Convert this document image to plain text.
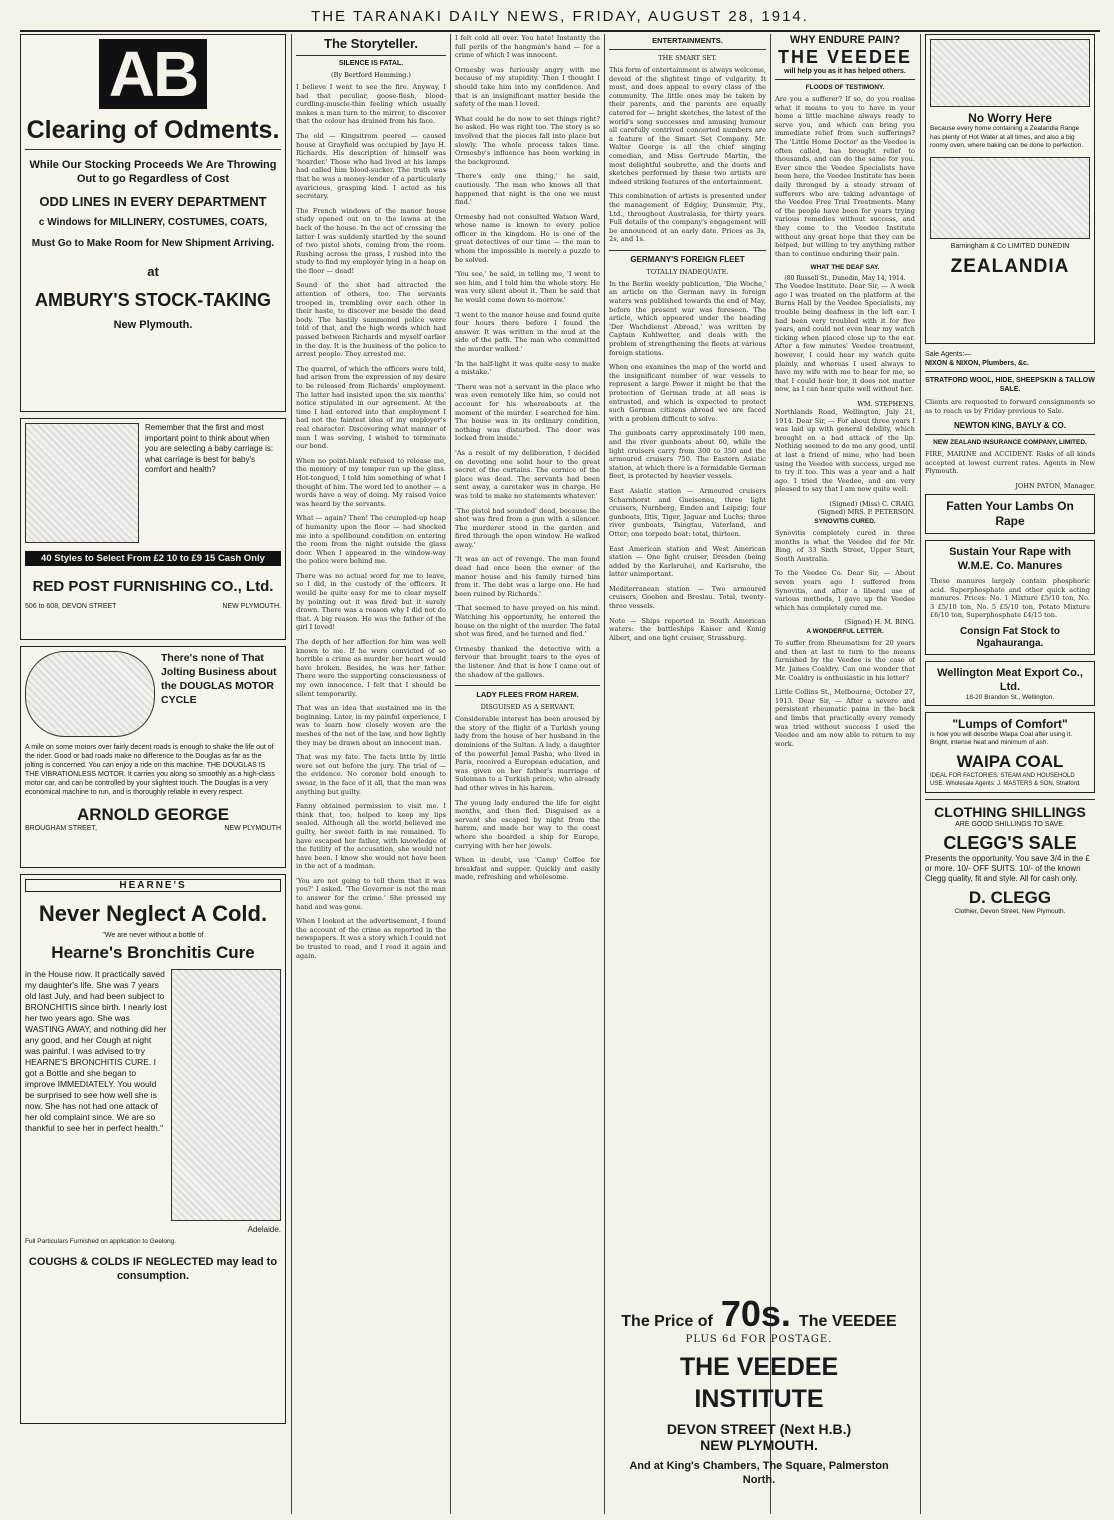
THE TARANAKI DAILY NEWS, FRIDAY, AUGUST 28, 1914.
AB
Clearing of Odments.
While Our Stocking Proceeds We Are Throwing Out to go Regardless of Cost
ODD LINES IN EVERY DEPARTMENT
c Windows for MILLINERY, COSTUMES, COATS,
Must Go to Make Room for New Shipment Arriving.
at
AMBURY'S STOCK-TAKING
New Plymouth.
Remember that the first and most important point to think about when you are selecting a baby carriage is: what carriage is best for baby's comfort and health?
40 Styles to Select From £2 10 to £9 15 Cash Only
RED POST FURNISHING CO., Ltd.
506 to 608, DEVON STREET	NEW PLYMOUTH.
There's none of That Jolting Business about the DOUGLAS MOTOR CYCLE
A mile on some motors over fairly decent roads is enough to shake the life out of the rider. Good or bad roads make no difference to the Douglas as far as the jolting is concerned. You can enjoy a ride on this machine. THE DOUGLAS IS THE VIBRATIONLESS MOTOR. It carries you along so smoothly as a high-class motor car, and can be controlled by your slightest touch. The Douglas is a very economical machine to run, and is thoroughly reliable in every respect.
ARNOLD GEORGE
BROUGHAM STREET,	NEW PLYMOUTH
HEARNE'S
Never Neglect A Cold.
"We are never without a bottle of
Hearne's Bronchitis Cure
in the House now. It practically saved my daughter's life. She was 7 years old last July, and had been subject to BRONCHITIS since birth. I nearly lost her two years ago. She was WASTING AWAY, and nothing did her any good, and her Cough at night was painful. I was advised to try HEARNE'S BRONCHITIS CURE. I got a Bottle and she began to improve IMMEDIATELY. You would be surprised to see how well she is now. She has not had one attack of her old complaint since. We are so thankful to see her in perfect health."
Adelaide.
Full Particulars Furnished on application to Geelong.
COUGHS & COLDS IF NEGLECTED may lead to consumption.
The Storyteller.
SILENCE IS FATAL.
(By Bertford Hemming.)

I believe I went to see the fire. Anyway, I had that peculiar, goose-flesh, blood-curdling-muscle-thin feeling which usually makes a man turn to the mirror, to discover that the colour has drained from his face.

The old — Kingsitrom peered — caused house at Grayfield was occupied by Jaye H. Richards. His description of himself was 'hoarder.' Those who had lived at his lamps had called him blood-sucker. The truth was that he was a money-lender of a particularly avaricious, grasping kind. I acted as his secretary.

The French windows of the manor house study opened out on to the lawns at the back of the house. In the act of crossing the latter I was suddenly startled by the sound of two pistol shots, coming from the room. Rushing across the grass, I rushed into the study to find my employer lying in a heap on the floor — dead!

Sound of the shot had attracted the attention of others, too. The servants trooped in, trembling over each other in their haste, to discover me beside the dead body. The hastily summoned police were told of that, and the high words which had passed between Richards and myself earlier in the day. It is the business of the police to arrest people. They arrested me.

The quarrel, of which the officers were told, had arisen from the expression of my desire to be released from Richards' employment. The latter had insisted upon the six months' notice stipulated in our agreement. At the time I had entered into that employment I had not the faintest idea of my employer's real character. Discovering what manner of man I was serving, I wished to terminate our bond.

When no point-blank refused to release me, the memory of my temper ran up the glass. Hot-tongued, I told him something of what I thought of him. The word led to another — a words have a way of doing. My raised voice was heard by the servants.

What — again? Then! The crumpled-up heap of humanity upon the floor — had shocked me into a spellbound condition on entering the room from the night outside the glass door. When I appeared in the window-way the police were behind me.

There was no actual word for me to leave, so I did, in the custody of the officers. It would be quite easy for me to clear myself by pointing out it was fired but it surely drawn. There was a reason why I did not do that. A big reason. He was the father of the girl I loved!

The depth of her affection for him was well known to me. If he were convicted of so horrible a crime as murder her heart would have broken. Besides, he was her father. There were the supporting consciousness of my own innocence. I felt that I should be silent temporarily.

That was an idea that sustained me in the beginning. Later, in my painful experience, I was to learn how closely woven are the meshes of the net of the law, and how lightly they may be drawn about an innocent man.

That was my fate. The facts little by little were set out before the jury. The trial of — the evidence. No coroner bold enough to swear, in the face of it all, that the man was anything but guilty.

Fanny obtained permission to visit me. I think that, too, helped to keep my lips sealed. Although all the world believed me guilty, her sweet faith in me remained. To have escaped her father, with knowledge of the futility of the accusation, she would not have been. I know she would not have been in the act of a madman.

'You are not going to tell them that it was you?' I asked. 'The Governor is not the man to answer for the crime.' She pressed my hand and was gone.

When I looked at the advertisement, I found the account of the crime as reported in the newspapers. It was a story which I could not be trusted to read, and I read it again and again.

I felt cold all over. You hate! Instantly the full perils of the hangman's hand — for a crime of which I was innocent.

Ormesby was furiously angry with me because of my stupidity. Then I thought I should take him into my confidence. And that is an insignificant matter beside the safety of the man I loved.

What could he do now to set things right? he asked. He was right too. The story is so involved that the pieces fall into place but slowly. The whole process takes time. Ormesby's influence has been working in the background.

'There's only one thing,' he said, cautiously. 'The man who knows all that happened that night is the one we must find.'

Ormesby had not consulted Watson Ward, whose name is known to every police officer in the kingdom. He is one of the great detectives of our time — the man to whom the impossible is merely a puzzle to be solved.

'You see,' he said, in telling me, 'I went to see him, and I told him the whole story. He was very silent about it. Then he said that he would come down to-morrow.'

'I went to the manor house and found quite four hours there before I found the answer. It was written in the mud at the side of the path. The man who committed the murder walked.'

'In the half-light it was quite easy to make a mistake.'

'There was not a servant in the place who was even remotely like him, so could not account for his whereabouts at the moment of the murder. I searched for him. The house was in its ordinary condition, nothing was disturbed. The door was locked from inside.'

'As a result of my deliberation, I decided on devoting one solid hour to the great secret of the curtains. The cornice of the place was dead. The servants had been sent away, a caretaker was in charge. He was told to make no statements whatever.'

'The pistol had sounded' dead, because the shot was fired from a gun with a silencer. The murderer stood in the garden and fired through the open window. He walked away.'

'It was an act of revenge. The man found dead had once been the owner of the manor house and his family turned him from it. The debt was a large one. He had been ruined by Richards.'

'That seemed to have preyed on his mind. Watching his opportunity, he entered the house on the night of the murder. The fatal shot was fired, and he turned and fled.'

Ormesby thanked the detective with a fervour that brought tears to the eyes of the listener. And that is how I came out of the shadow of the gallows.

LADY FLEES FROM HAREM.
DISGUISED AS A SERVANT.

Considerable interest has been aroused by the story of the flight of a Turkish young lady from the house of her husband in the dominions of the Sultan. A lady, a daughter of the powerful Jemal Pasha, who lived in Paris, received a European education, and was given on her father's marriage of Suleiman to a Turkish prince, who already had other wives in his harem.

The young lady endured the life for eight months, and then fled. Disguised as a servant she escaped by night from the harem, and made her way to the coast where she boarded a ship for Europe, carrying with her her jewels.

When in doubt, use 'Camp' Coffee for breakfast and supper. Quickly and easily made, refreshing and wholesome.

ENTERTAINMENTS.
THE SMART SET.

This form of entertainment is always welcome, devoid of the slightest tinge of vulgarity. It must, and does appeal to every class of the community. The little ones may be taken by their parents, and the parents are equally catered for — bright sketches, the latest of the world's song successes and amusing humour all carefully contrived concerted numbers are a feature of the Smart Set Company. Mr. Walter George is all the chief singing comedian, and Miss Gertrude Martin, the most delightful soubrette, and the duets and sketches performed by these two artists are indeed striking features of the entertainment.

This combination of artists is presented under the management of Edgley, Dunsmuir, Pty., Ltd., throughout Australasia, for thirty years. Full details of the company's engagement will be announced at an early date. Prices as 3s, 2s, and 1s.

GERMANY'S FOREIGN FLEET
TOTALLY INADEQUATE.

In the Berlin weekly publication, 'Die Woche,' an article on the German navy in foreign waters was published towards the end of May, before the present war was foreseen. The article, which appeared under the heading 'Der Wachdienst Abroad,' was written by Captain Kuhlwetter, and deals with the problem of strengthening the fleets at various foreign stations.

When one examines the map of the world and the insignificant number of war vessels to represent a large Power it might be that the protection of German trade at all seas is entrusted, and which is expected to protect such German citizens abroad we are faced with a problem difficult to solve.

The gunboats carry approximately 100 men, and the river gunboats about 60, while the light cruisers carry from 300 to 350 and the armoured cruisers 750. The Eastern Asiatic station, at which there is a formidable German fleet, is protected by heavier vessels.

East Asiatic station — Armoured cruisers Scharnhorst and Gneisenau, three light cruisers, Nurnberg, Emden and Leipzig; four gunboats, Iltis, Tiger, Jaguar and Luchs; three river gunboats, Tsingtau, Vaterland, and Otter; one torpedo boat: total, thirteen.

East American station and West American station — One light cruiser, Dresden (being added by the Karlsruhe), and Karlsruhe, the latter unimportant.

Mediterranean station — Two armoured cruisers, Goeben and Breslau. Total, twenty-three vessels.

Note — Ships reported in South American waters: the battleships Kaiser and Konig Albert, and one light cruiser, Strassburg.

WHY ENDURE PAIN?
THE VEEDEE
will help you as it has helped others.
FLOODS OF TESTIMONY.

Are you a sufferer? If so, do you realise what it means to you to have in your home a little machine always ready to serve you, and which can bring you immediate relief from such sufferings? The 'Little Home Doctor' as the Veedee is often called, has brought relief to thousands, and can do the same for you. Ever since the Veedee Specialists have been here, the Veedee Institute has been daily thronged by a steady stream of sufferers who are taking advantage of the Veedee Free Trial Treatments. Many of the people have been for years trying various remedies without success, and they come to the Veedee Institute without any great hope that they can be helped, but willing to try anything rather than to continue enduring their pain.

WHAT THE DEAF SAY.
(80 Russell St., Dunedin, May 14, 1914.

The Veedee Institute. Dear Sir, — A week ago I was treated on the platform at the Burns Hall by the Veedee Specialists, my trouble being deafness in the left ear. I had been very troubled with it for five years, and could not even hear my watch ticking when placed close up to the ear. After a few minutes' Veedee treatment, however, I could hear my watch quite plainly, and whereas I used always to have my wife with me to hear for me, so that I could hear her, it does not matter now, as I can hear quite well without her.

WM. STEPHENS.

Northlands Road, Wellington, July 21, 1914. Dear Sir, — For about three years I was laid up with general debility, which brought on a bad attack of the lip. Nothing seemed to do me any good, until at last a friend of mine, who had been using the Veedee with success, urged me to try it too. This was a year and a half ago. I tried the Veedee, and am very pleased to say that I am now quite well.

(Signed) (Miss) C. CRAIG.
(Signed) MRS. P. PETERSON.
SYNOVITIS CURED.

Synovitis completely cured in three months is what the Veedee did for Mr. Bing, of 33 Sixth Street, Upper Sturt, South Australia.

To the Veedee Co. Dear Sir, — About seven years ago I suffered from Synovitis, and after a liberal use of various methods, I gave up the Veedee which has completely cured me.

(Signed) H. M. BING.
A WONDERFUL LETTER.

To suffer from Rheumatism for 20 years and then at last to turn to the means furnished by the Veedee is the case of Mr. James Coaldry. Can one wonder that Mr. Coaldry is enthusiastic in his letter?

Little Collins St., Melbourne, October 27, 1913. Dear Sir, — After a severe and persistent rheumatic pains in the back and limbs that practically every remedy was tried without success I used the Veedee and am now able to return to my work.

The Price of 70s. The VEEDEE
PLUS 6d FOR POSTAGE.
THE VEEDEE INSTITUTE
DEVON STREET (Next H.B.)
NEW PLYMOUTH.
And at King's Chambers, The Square, Palmerston North.
No Worry Here
Because every home containing a Zealandia Range has plenty of Hot Water at all times, and also a big roomy oven, where baking can be done to perfection.
Barningham & Co LIMITED DUNEDIN
ZEALANDIA
Sale Agents:—
NIXON & NIXON, Plumbers, &c.
STRATFORD WOOL, HIDE, SHEEPSKIN & TALLOW SALE.

Clients are requested to forward consignments so as to reach us by Friday previous to Sale.

NEWTON KING, BAYLY & CO.
NEW ZEALAND INSURANCE COMPANY, LIMITED.

FIRE, MARINE and ACCIDENT. Risks of all kinds accepted at lowest current rates. Agents in New Plymouth.

JOHN PATON, Manager.
Fatten Your Lambs On Rape
Sustain Your Rape with W.M.E. Co. Manures

These manures largely contain phosphoric acid. Superphosphate and other quick acting manures. Prices: No. 1 Mixture £5/10 ton, No. 3 £5/10 ton, No. 5 £5/10 ton, Potato Mixture £6/10 ton, Superphosphate £4/15 ton.

Consign Fat Stock to Ngahauranga.
Wellington Meat Export Co., Ltd.
18-20 Brandon St., Wellington.
"Lumps of Comfort"
is how you will describe Waipa Coal after using it. Bright, intense heat and minimum of ash.
WAIPA COAL
IDEAL FOR FACTORIES, STEAM AND HOUSEHOLD USE. Wholesale Agents: J. MASTERS & SON, Stratford.
CLOTHING SHILLINGS
ARE GOOD SHILLINGS TO SAVE.
CLEGG'S SALE
Presents the opportunity. You save 3/4 in the £ or more. 10/- OFF SUITS. 10/- of the known Clegg quality, fit and style. All for cash only.
D. CLEGG
Clothier, Devon Street, New Plymouth.
